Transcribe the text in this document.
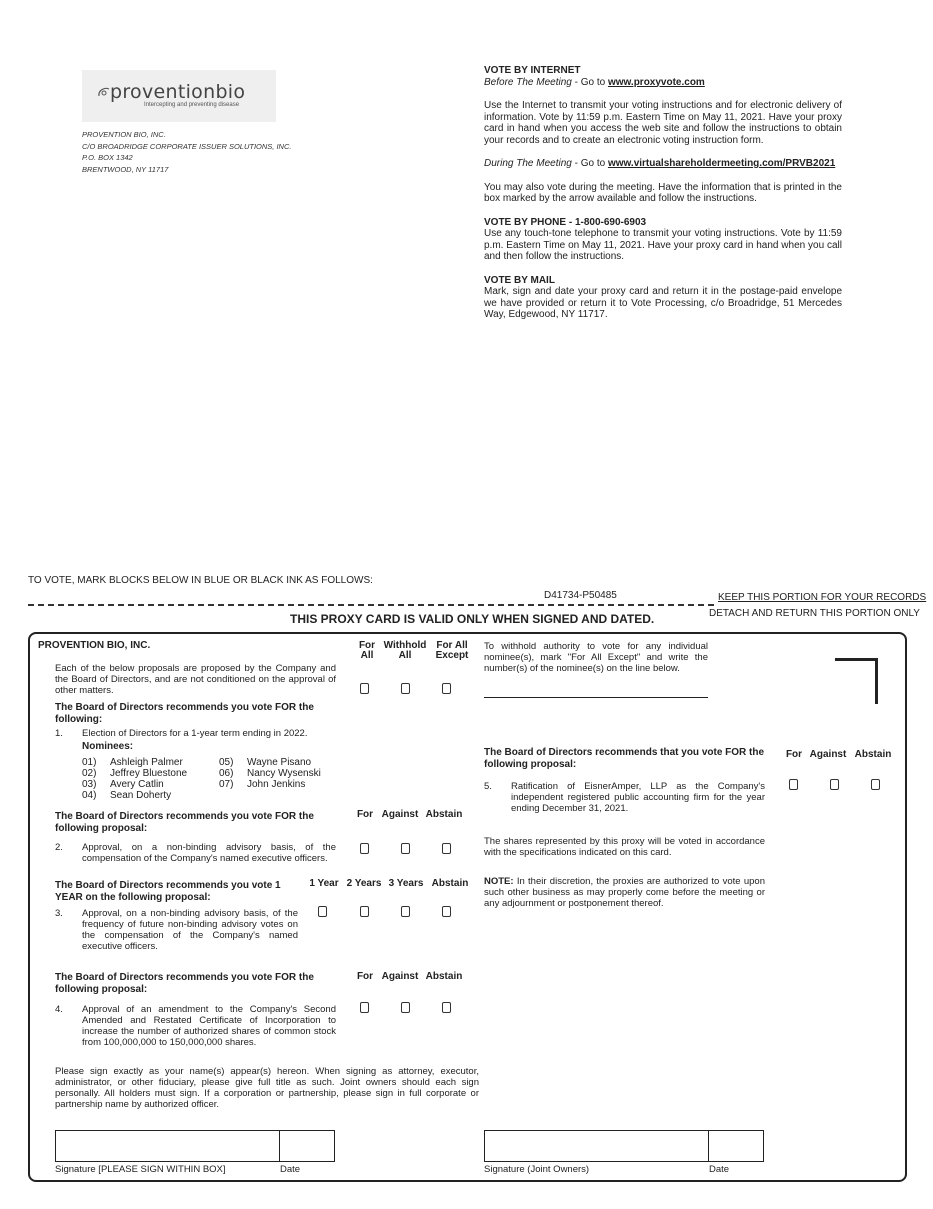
proventionbio
Intercepting and preventing disease
PROVENTION BIO, INC.
C/O BROADRIDGE CORPORATE ISSUER SOLUTIONS, INC.
P.O. BOX 1342
BRENTWOOD, NY 11717
VOTE BY INTERNET
Before The Meeting - Go to www.proxyvote.com
Use the Internet to transmit your voting instructions and for electronic delivery of information. Vote by 11:59 p.m. Eastern Time on May 11, 2021. Have your proxy card in hand when you access the web site and follow the instructions to obtain your records and to create an electronic voting instruction form.
During The Meeting - Go to www.virtualshareholdermeeting.com/PRVB2021
You may also vote during the meeting. Have the information that is printed in the box marked by the arrow available and follow the instructions.
VOTE BY PHONE - 1-800-690-6903
Use any touch-tone telephone to transmit your voting instructions. Vote by 11:59 p.m. Eastern Time on May 11, 2021. Have your proxy card in hand when you call and then follow the instructions.
VOTE BY MAIL
Mark, sign and date your proxy card and return it in the postage-paid envelope we have provided or return it to Vote Processing, c/o Broadridge, 51 Mercedes Way, Edgewood, NY 11717.
TO VOTE, MARK BLOCKS BELOW IN BLUE OR BLACK INK AS FOLLOWS:
D41734-P50485	KEEP THIS PORTION FOR YOUR RECORDS
DETACH AND RETURN THIS PORTION ONLY
THIS PROXY CARD IS VALID ONLY WHEN SIGNED AND DATED.
PROVENTION BIO, INC.	For
All
Withhold
All
For All
Except
To withhold authority to vote for any individual nominee(s), mark "For All Except" and write the number(s) of the nominee(s) on the line below.
Each of the below proposals are proposed by the Company and the Board of Directors, and are not conditioned on the approval of other matters.
The Board of Directors recommends you vote FOR the following:
1. Election of Directors for a 1-year term ending in 2022.
Nominees:
01) Ashleigh Palmer
02) Jeffrey Bluestone
03) Avery Catlin
04) Sean Doherty
05) Wayne Pisano
06) Nancy Wysenski
07) John Jenkins
The Board of Directors recommends you vote FOR the following proposal:
For Against Abstain
2. Approval, on a non-binding advisory basis, of the compensation of the Company's named executive officers.
The Board of Directors recommends you vote 1 YEAR on the following proposal:
1 Year 2 Years 3 Years Abstain
3. Approval, on a non-binding advisory basis, of the frequency of future non-binding advisory votes on the compensation of the Company's named executive officers.
The Board of Directors recommends you vote FOR the following proposal:
For Against Abstain
4. Approval of an amendment to the Company's Second Amended and Restated Certificate of Incorporation to increase the number of authorized shares of common stock from 100,000,000 to 150,000,000 shares.
The Board of Directors recommends that you vote FOR the following proposal:
For Against Abstain
5. Ratification of EisnerAmper, LLP as the Company's independent registered public accounting firm for the year ending December 31, 2021.
The shares represented by this proxy will be voted in accordance with the specifications indicated on this card.
NOTE: In their discretion, the proxies are authorized to vote upon such other business as may properly come before the meeting or any adjournment or postponement thereof.
Please sign exactly as your name(s) appear(s) hereon. When signing as attorney, executor, administrator, or other fiduciary, please give full title as such. Joint owners should each sign personally. All holders must sign. If a corporation or partnership, please sign in full corporate or partnership name by authorized officer.
Signature [PLEASE SIGN WITHIN BOX]	Date	Signature (Joint Owners)	Date
